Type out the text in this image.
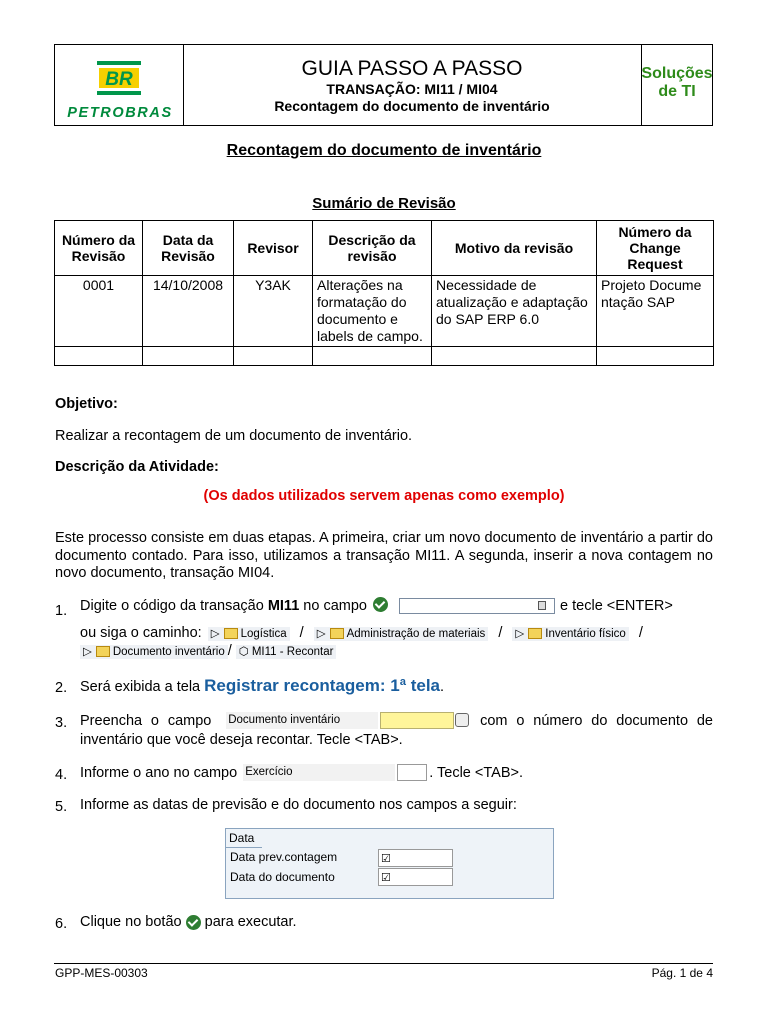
BR
PETROBRAS
GUIA PASSO A PASSO
TRANSAÇÃO: MI11 / MI04
Recontagem do documento de inventário
Soluções
de TI
Recontagem do documento de inventário
Sumário de Revisão
Número da Revisão	Data da Revisão	Revisor	Descrição da revisão	Motivo da revisão	Número da Change Request
0001	14/10/2008	Y3AK	Alterações na formatação do documento e labels de campo.	Necessidade de atualização e adaptação do SAP ERP 6.0	Projeto Documentação SAP

Objetivo:
Realizar a recontagem de um documento de inventário.
Descrição da Atividade:
(Os dados utilizados servem apenas como exemplo)
Este processo consiste em duas etapas. A primeira, criar um novo documento de inventário a partir do documento contado. Para isso, utilizamos a transação MI11. A segunda, inserir a nova contagem no novo documento, transação MI04.
1. Digite o código da transação MI11 no campo	e tecle <ENTER>
ou siga o caminho: ▷ Logística / ▷ Administração de materiais / ▷ Inventário físico /
▷ Documento inventário / ⬡ MI11 - Recontar
2. Será exibida a tela Registrar recontagem: 1ª tela.
3. Preencha o campo Documento inventário	com o número do documento de inventário que você deseja recontar. Tecle <TAB>.
4. Informe o ano no campo Exercício	. Tecle <TAB>.
5. Informe as datas de previsão e do documento nos campos a seguir:
Data
Data prev.contagem	☑
Data do documento	☑
6. Clique no botão para executar.
GPP-MES-00303	Pág. 1 de 4
